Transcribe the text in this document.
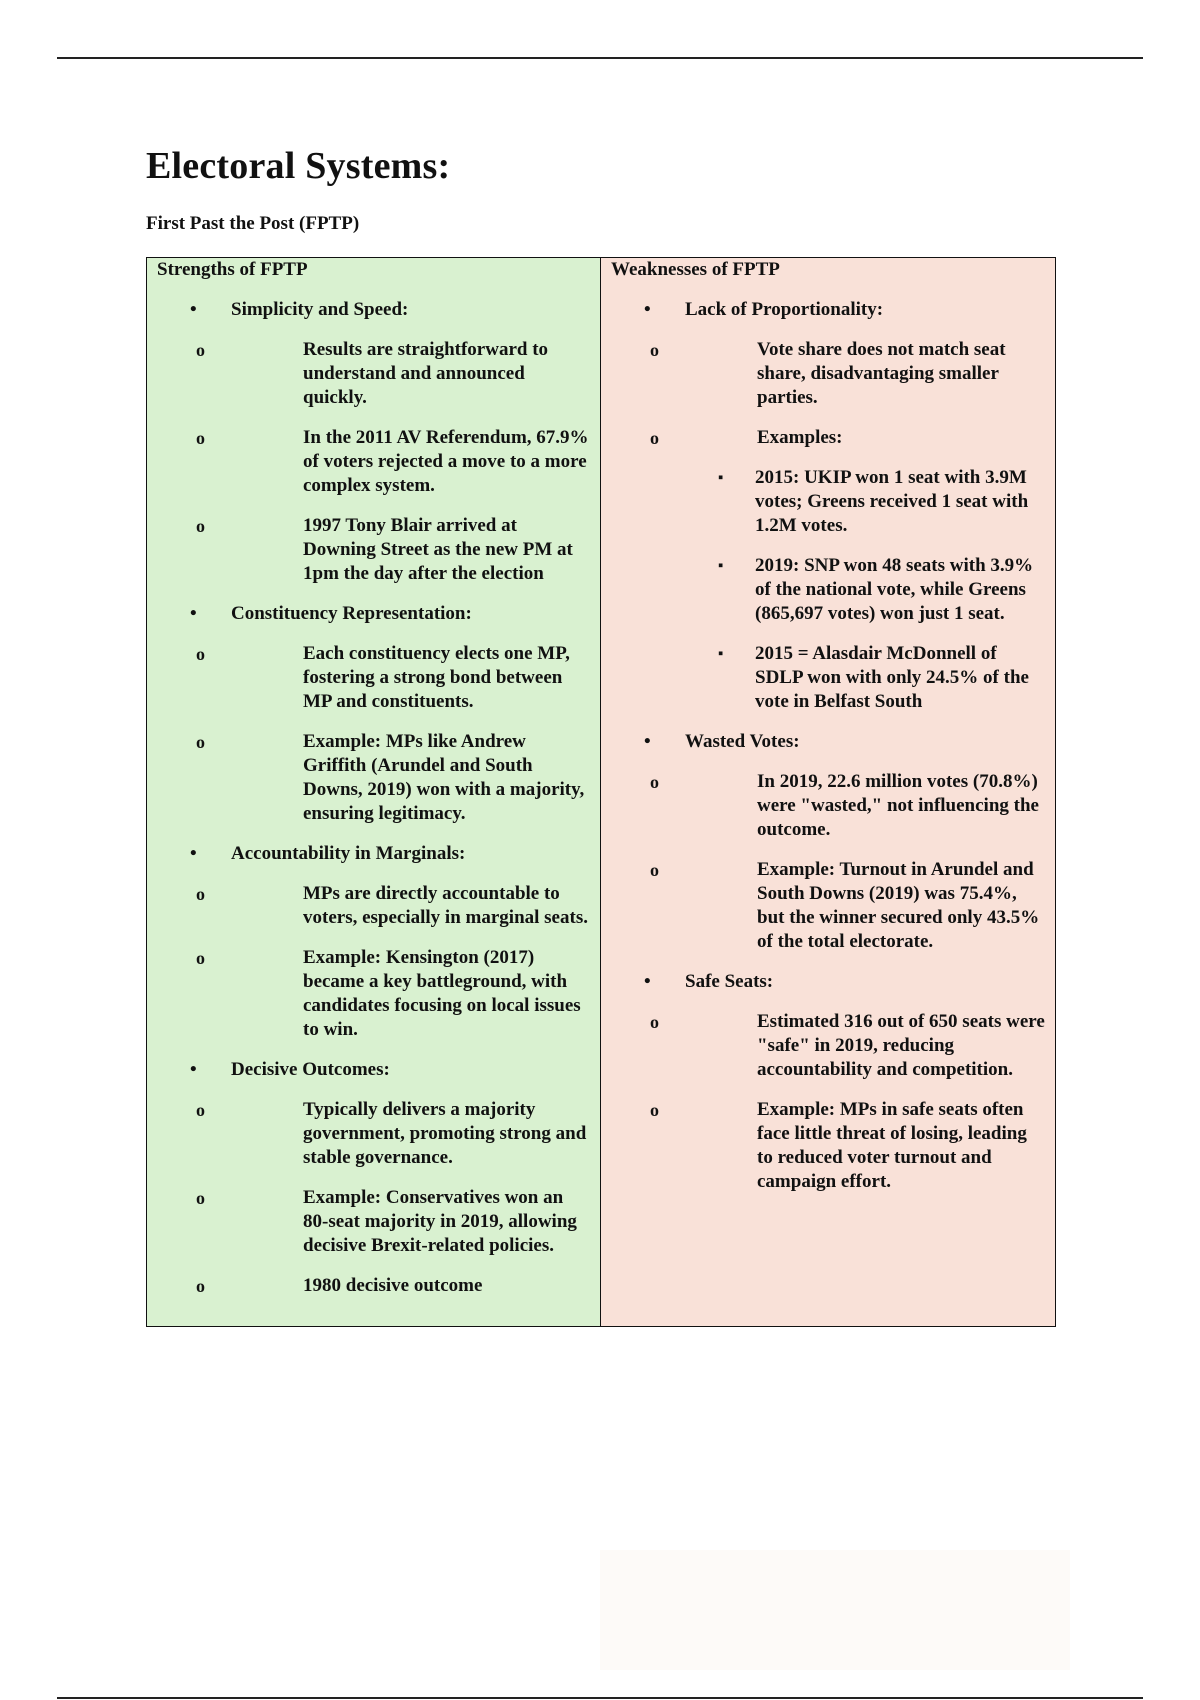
Electoral Systems:

First Past the Post (FPTP)

Strengths of FPTP
• Simplicity and Speed:
o	Results are straightforward to understand and announced quickly.
o	In the 2011 AV Referendum, 67.9% of voters rejected a move to a more complex system.
o	1997 Tony Blair arrived at Downing Street as the new PM at 1pm the day after the election
• Constituency Representation:
o	Each constituency elects one MP, fostering a strong bond between MP and constituents.
o	Example: MPs like Andrew Griffith (Arundel and South Downs, 2019) won with a majority, ensuring legitimacy.
• Accountability in Marginals:
o	MPs are directly accountable to voters, especially in marginal seats.
o	Example: Kensington (2017) became a key battleground, with candidates focusing on local issues to win.
• Decisive Outcomes:
o	Typically delivers a majority government, promoting strong and stable governance.
o	Example: Conservatives won an 80-seat majority in 2019, allowing decisive Brexit-related policies.
o	1980 decisive outcome
Weaknesses of FPTP
• Lack of Proportionality:
o	Vote share does not match seat share, disadvantaging smaller parties.
o	Examples:
▪ 2015: UKIP won 1 seat with 3.9M votes; Greens received 1 seat with 1.2M votes.
▪ 2019: SNP won 48 seats with 3.9% of the national vote, while Greens (865,697 votes) won just 1 seat.
▪ 2015 = Alasdair McDonnell of SDLP won with only 24.5% of the vote in Belfast South
• Wasted Votes:
o	In 2019, 22.6 million votes (70.8%) were "wasted," not influencing the outcome.
o	Example: Turnout in Arundel and South Downs (2019) was 75.4%, but the winner secured only 43.5% of the total electorate.
• Safe Seats:
o	Estimated 316 out of 650 seats were "safe" in 2019, reducing accountability and competition.
o	Example: MPs in safe seats often face little threat of losing, leading to reduced voter turnout and campaign effort.
